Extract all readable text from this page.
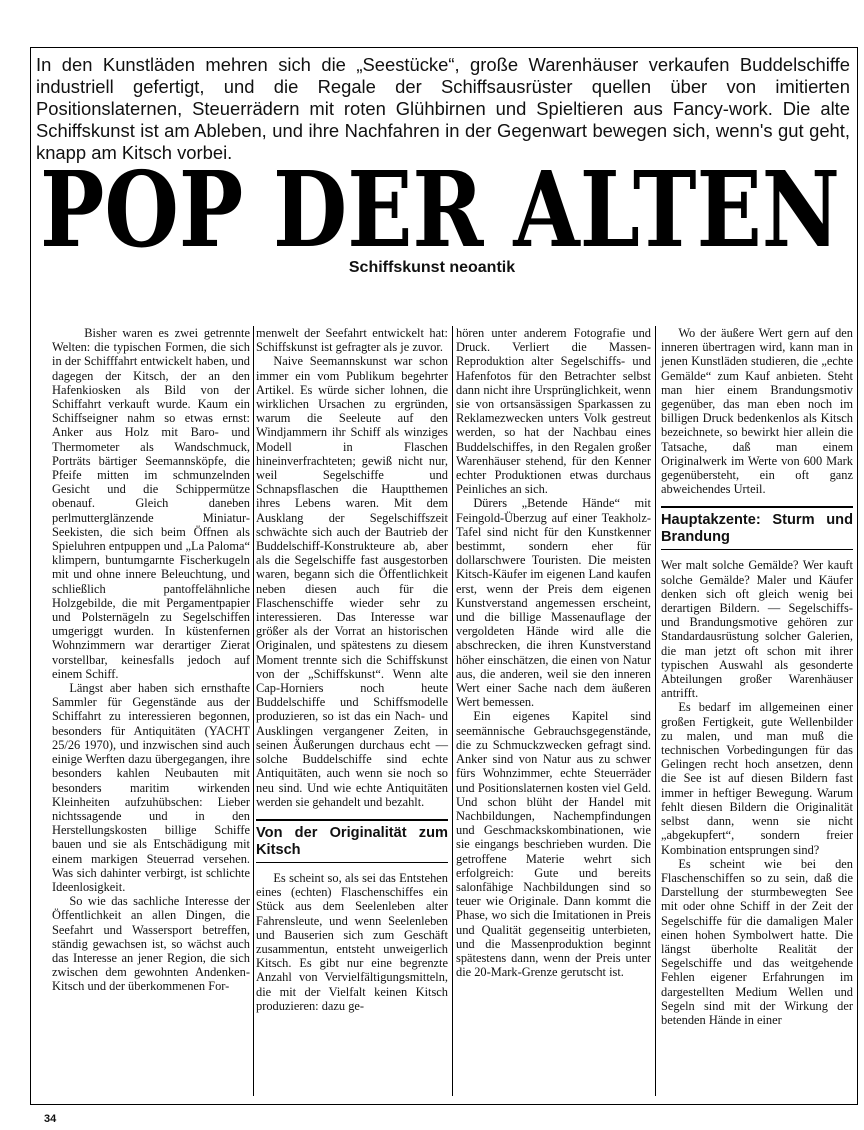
In den Kunstläden mehren sich die „Seestücke“, große Warenhäuser verkaufen Buddelschiffe industriell gefertigt, und die Regale der Schiffsausrüster quellen über von imitierten Positionslaternen, Steuerrädern mit roten Glühbirnen und Spieltieren aus Fancy-work. Die alte Schiffskunst ist am Ableben, und ihre Nachfahren in der Gegenwart bewegen sich, wenn's gut geht, knapp am Kitsch vorbei.
POP DER ALTEN
Schiffskunst neoantik

Bisher waren es zwei getrennte Welten: die typischen Formen, die sich in der Schifffahrt entwickelt haben, und dagegen der Kitsch, der an den Hafenkiosken als Bild von der Schiffahrt verkauft wurde. Kaum ein Schiffseigner nahm so etwas ernst: Anker aus Holz mit Baro- und Thermometer als Wandschmuck, Porträts bärtiger Seemannsköpfe, die Pfeife mitten im schmunzelnden Gesicht und die Schippermütze obenauf. Gleich daneben perlmutterglänzende Miniatur-Seekisten, die sich beim Öffnen als Spieluhren entpuppen und „La Paloma“ klimpern, buntumgarnte Fischerkugeln mit und ohne innere Beleuchtung, und schließlich pantoffelähnliche Holzgebilde, die mit Pergamentpapier und Polsternägeln zu Segelschiffen umgeriggt wurden. In küstenfernen Wohnzimmern war derartiger Zierat vorstellbar, keinesfalls jedoch auf einem Schiff.

Längst aber haben sich ernsthafte Sammler für Gegenstände aus der Schiffahrt zu interessieren begonnen, besonders für Antiquitäten (YACHT 25/26 1970), und inzwischen sind auch einige Werften dazu übergegangen, ihre besonders kahlen Neubauten mit besonders maritim wirkenden Kleinheiten aufzuhübschen: Lieber nichtssagende und in den Herstellungskosten billige Schiffe bauen und sie als Entschädigung mit einem markigen Steuerrad versehen. Was sich dahinter verbirgt, ist schlichte Ideenlosigkeit.

So wie das sachliche Interesse der Öffentlichkeit an allen Dingen, die Seefahrt und Wassersport betreffen, ständig gewachsen ist, so wächst auch das Interesse an jener Region, die sich zwischen dem gewohnten Andenken-Kitsch und der überkommenen For-

menwelt der Seefahrt entwickelt hat: Schiffskunst ist gefragter als je zuvor.

Naive Seemannskunst war schon immer ein vom Publikum begehrter Artikel. Es würde sicher lohnen, die wirklichen Ursachen zu ergründen, warum die Seeleute auf den Windjammern ihr Schiff als winziges Modell in Flaschen hineinverfrachteten; gewiß nicht nur, weil Segelschiffe und Schnapsflaschen die Hauptthemen ihres Lebens waren. Mit dem Ausklang der Segelschiffszeit schwächte sich auch der Bautrieb der Buddelschiff-Konstrukteure ab, aber als die Segelschiffe fast ausgestorben waren, begann sich die Öffentlichkeit neben diesen auch für die Flaschenschiffe wieder sehr zu interessieren. Das Interesse war größer als der Vorrat an historischen Originalen, und spätestens zu diesem Moment trennte sich die Schiffskunst von der „Schiffskunst“. Wenn alte Cap-Horniers noch heute Buddelschiffe und Schiffsmodelle produzieren, so ist das ein Nach- und Ausklingen vergangener Zeiten, in seinen Äußerungen durchaus echt — solche Buddelschiffe sind echte Antiquitäten, auch wenn sie noch so neu sind. Und wie echte Antiquitäten werden sie gehandelt und bezahlt.

Von der Originalität zum Kitsch

Es scheint so, als sei das Entstehen eines (echten) Flaschenschiffes ein Stück aus dem Seelenleben alter Fahrensleute, und wenn Seelenleben und Bauserien sich zum Geschäft zusammentun, entsteht unweigerlich Kitsch. Es gibt nur eine begrenzte Anzahl von Vervielfältigungsmitteln, die mit der Vielfalt keinen Kitsch produzieren: dazu ge-

hören unter anderem Fotografie und Druck. Verliert die Massen-Reproduktion alter Segelschiffs- und Hafenfotos für den Betrachter selbst dann nicht ihre Ursprünglichkeit, wenn sie von ortsansässigen Sparkassen zu Reklamezwecken unters Volk gestreut werden, so hat der Nachbau eines Buddelschiffes, in den Regalen großer Warenhäuser stehend, für den Kenner echter Produktionen etwas durchaus Peinliches an sich.

Dürers „Betende Hände“ mit Feingold-Überzug auf einer Teakholz-Tafel sind nicht für den Kunstkenner bestimmt, sondern eher für dollarschwere Touristen. Die meisten Kitsch-Käufer im eigenen Land kaufen erst, wenn der Preis dem eigenen Kunstverstand angemessen erscheint, und die billige Massenauflage der vergoldeten Hände wird alle die abschrecken, die ihren Kunstverstand höher einschätzen, die einen von Natur aus, die anderen, weil sie den inneren Wert einer Sache nach dem äußeren Wert bemessen.

Ein eigenes Kapitel sind seemännische Gebrauchsgegenstände, die zu Schmuckzwecken gefragt sind. Anker sind von Natur aus zu schwer fürs Wohnzimmer, echte Steuerräder und Positionslaternen kosten viel Geld. Und schon blüht der Handel mit Nachbildungen, Nachempfindungen und Geschmackskombinationen, wie sie eingangs beschrieben wurden. Die getroffene Materie wehrt sich erfolgreich: Gute und bereits salonfähige Nachbildungen sind so teuer wie Originale. Dann kommt die Phase, wo sich die Imitationen in Preis und Qualität gegenseitig unterbieten, und die Massenproduktion beginnt spätestens dann, wenn der Preis unter die 20-Mark-Grenze gerutscht ist.

Wo der äußere Wert gern auf den inneren übertragen wird, kann man in jenen Kunstläden studieren, die „echte Gemälde“ zum Kauf anbieten. Steht man hier einem Brandungsmotiv gegenüber, das man eben noch im billigen Druck bedenkenlos als Kitsch bezeichnete, so bewirkt hier allein die Tatsache, daß man einem Originalwerk im Werte von 600 Mark gegenübersteht, ein oft ganz abweichendes Urteil.

Hauptakzente: Sturm und Brandung

Wer malt solche Gemälde? Wer kauft solche Gemälde? Maler und Käufer denken sich oft gleich wenig bei derartigen Bildern. — Segelschiffs- und Brandungsmotive gehören zur Standardausrüstung solcher Galerien, die man jetzt oft schon mit ihrer typischen Auswahl als gesonderte Abteilungen großer Warenhäuser antrifft.

Es bedarf im allgemeinen einer großen Fertigkeit, gute Wellenbilder zu malen, und man muß die technischen Vorbedingungen für das Gelingen recht hoch ansetzen, denn die See ist auf diesen Bildern fast immer in heftiger Bewegung. Warum fehlt diesen Bildern die Originalität selbst dann, wenn sie nicht „abgekupfert“, sondern freier Kombination entsprungen sind?

Es scheint wie bei den Flaschenschiffen so zu sein, daß die Darstellung der sturmbewegten See mit oder ohne Schiff in der Zeit der Segelschiffe für die damaligen Maler einen hohen Symbolwert hatte. Die längst überholte Realität der Segelschiffe und das weitgehende Fehlen eigener Erfahrungen im dargestellten Medium Wellen und Segeln sind mit der Wirkung der betenden Hände in einer

34
